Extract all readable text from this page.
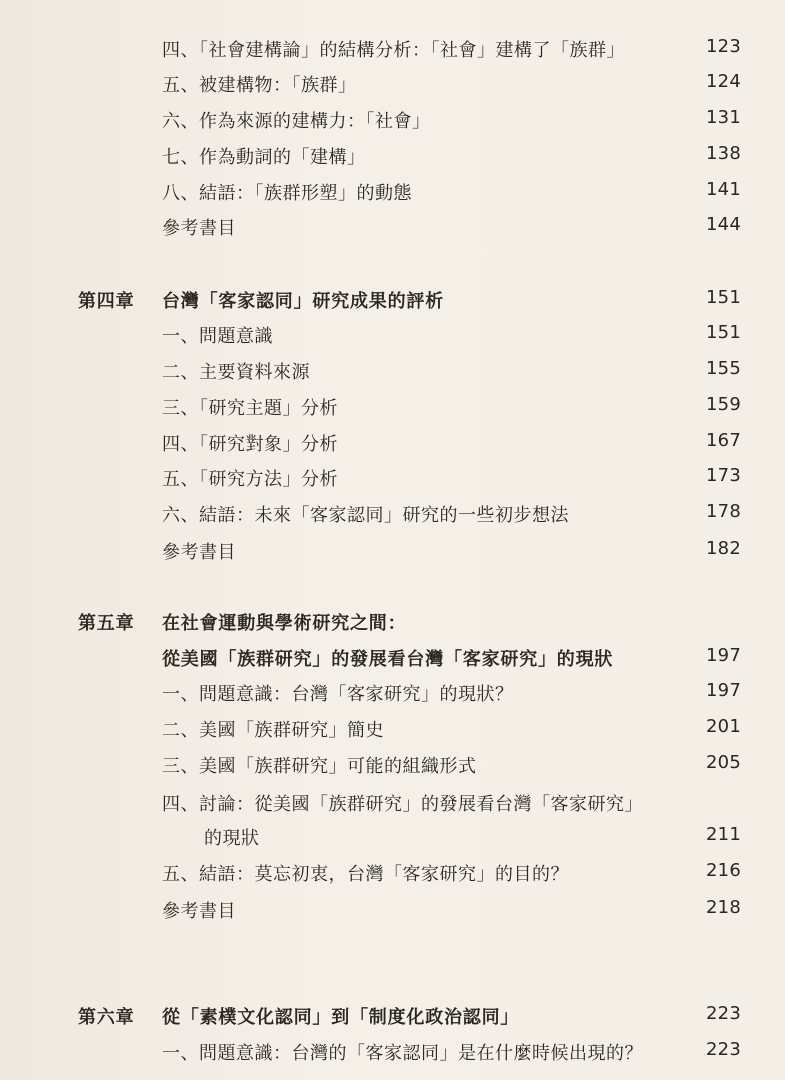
四、「社會建構論」的結構分析：「社會」建構了「族群」	123
五、被建構物：「族群」	124
六、作為來源的建構力：「社會」	131
七、作為動詞的「建構」	138
八、結語：「族群形塑」的動態	141
參考書目	144
第四章 台灣「客家認同」研究成果的評析	151
一、問題意識	151
二、主要資料來源	155
三、「研究主題」分析	159
四、「研究對象」分析	167
五、「研究方法」分析	173
六、結語：未來「客家認同」研究的一些初步想法	178
參考書目	182
第五章 在社會運動與學術研究之間：
從美國「族群研究」的發展看台灣「客家研究」的現狀	197
一、問題意識：台灣「客家研究」的現狀？	197
二、美國「族群研究」簡史	201
三、美國「族群研究」可能的組織形式	205
四、討論：從美國「族群研究」的發展看台灣「客家研究」
的現狀	211
五、結語：莫忘初衷，台灣「客家研究」的目的？	216
參考書目	218
第六章 從「素樸文化認同」到「制度化政治認同」	223
一、問題意識：台灣的「客家認同」是在什麼時候出現的？	223
